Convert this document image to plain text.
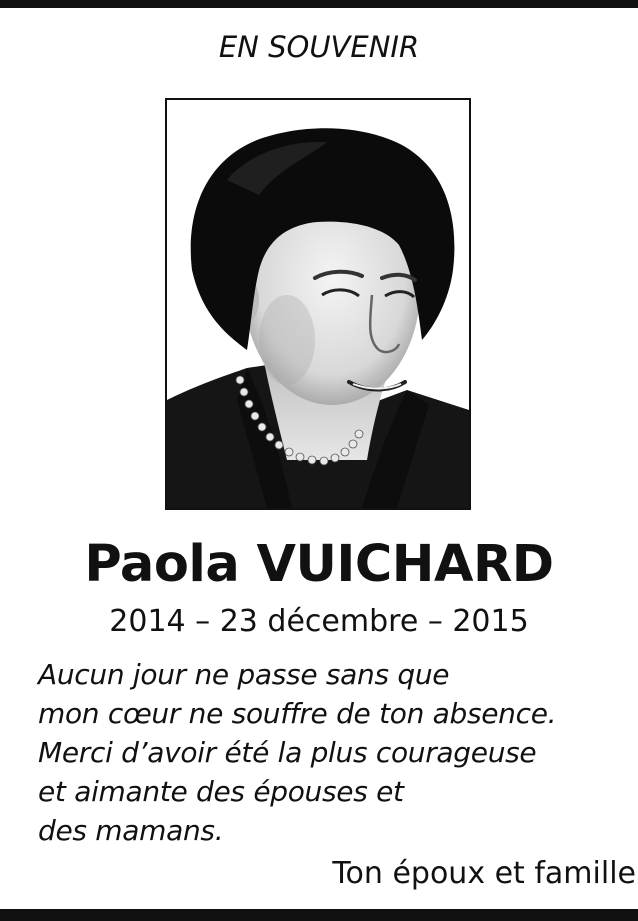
EN SOUVENIR
Paola VUICHARD
2014 – 23 décembre – 2015
Aucun jour ne passe sans que
mon cœur ne souffre de ton absence.
Merci d’avoir été la plus courageuse
et aimante des épouses et
des mamans.
Ton époux et famille
